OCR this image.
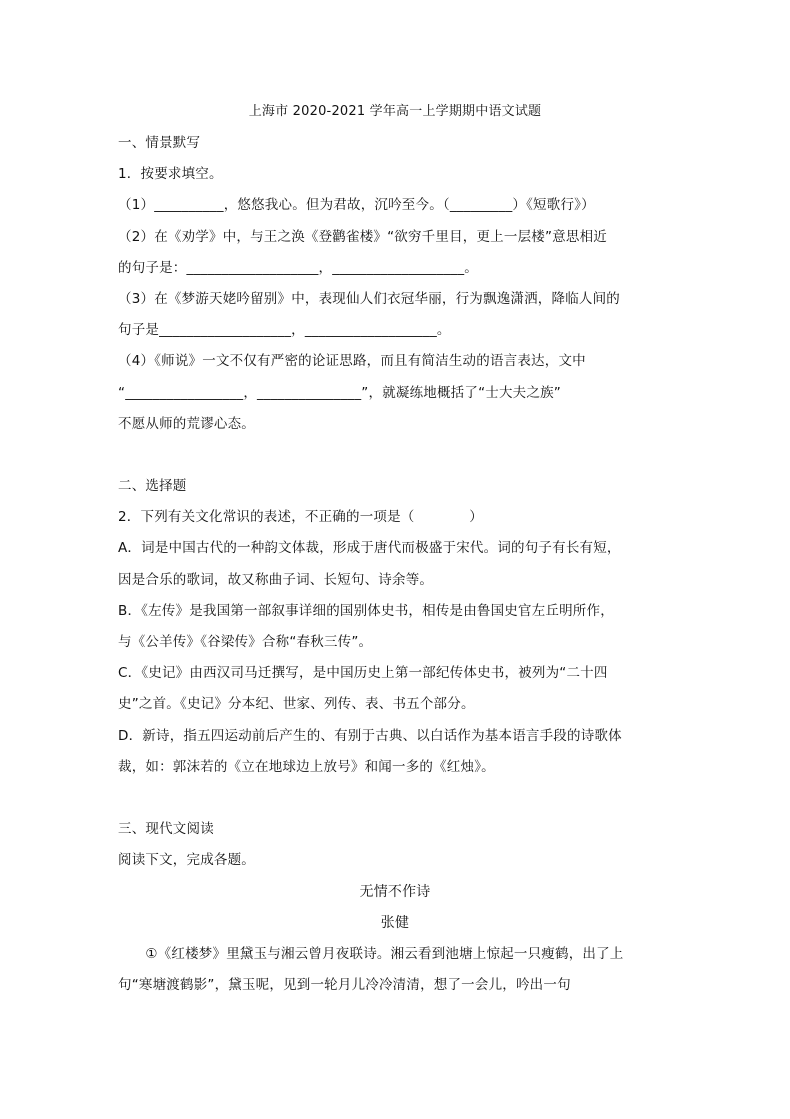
上海市 2020-2021 学年高一上学期期中语文试题
一、情景默写
1．按要求填空。
（1）__________，悠悠我心。但为君故，沉吟至今。（_________）《短歌行》）
（2）在《劝学》中，与王之涣《登鹳雀楼》“欲穷千里目，更上一层楼”意思相近
的句子是：___________________，___________________。
（3）在《梦游天姥吟留别》中，表现仙人们衣冠华丽，行为飘逸潇洒，降临人间的
句子是___________________，___________________。
（4）《师说》一文不仅有严密的论证思路，而且有简洁生动的语言表达，文中
“_________________，_______________”，就凝练地概括了“士大夫之族”
不愿从师的荒谬心态。
二、选择题
2．下列有关文化常识的表述，不正确的一项是（　　　　）
A．词是中国古代的一种韵文体裁，形成于唐代而极盛于宋代。词的句子有长有短，
因是合乐的歌词，故又称曲子词、长短句、诗余等。
B．《左传》是我国第一部叙事详细的国别体史书，相传是由鲁国史官左丘明所作，
与《公羊传》《谷梁传》合称“春秋三传”。
C．《史记》由西汉司马迁撰写，是中国历史上第一部纪传体史书，被列为“二十四
史”之首。《史记》分本纪、世家、列传、表、书五个部分。
D．新诗，指五四运动前后产生的、有别于古典、以白话作为基本语言手段的诗歌体
裁，如：郭沫若的《立在地球边上放号》和闻一多的《红烛》。
三、现代文阅读
阅读下文，完成各题。
无情不作诗
张健
　　①《红楼梦》里黛玉与湘云曾月夜联诗。湘云看到池塘上惊起一只瘦鹤，出了上
句“寒塘渡鹤影”，黛玉呢，见到一轮月儿冷冷清清，想了一会儿，吟出一句
